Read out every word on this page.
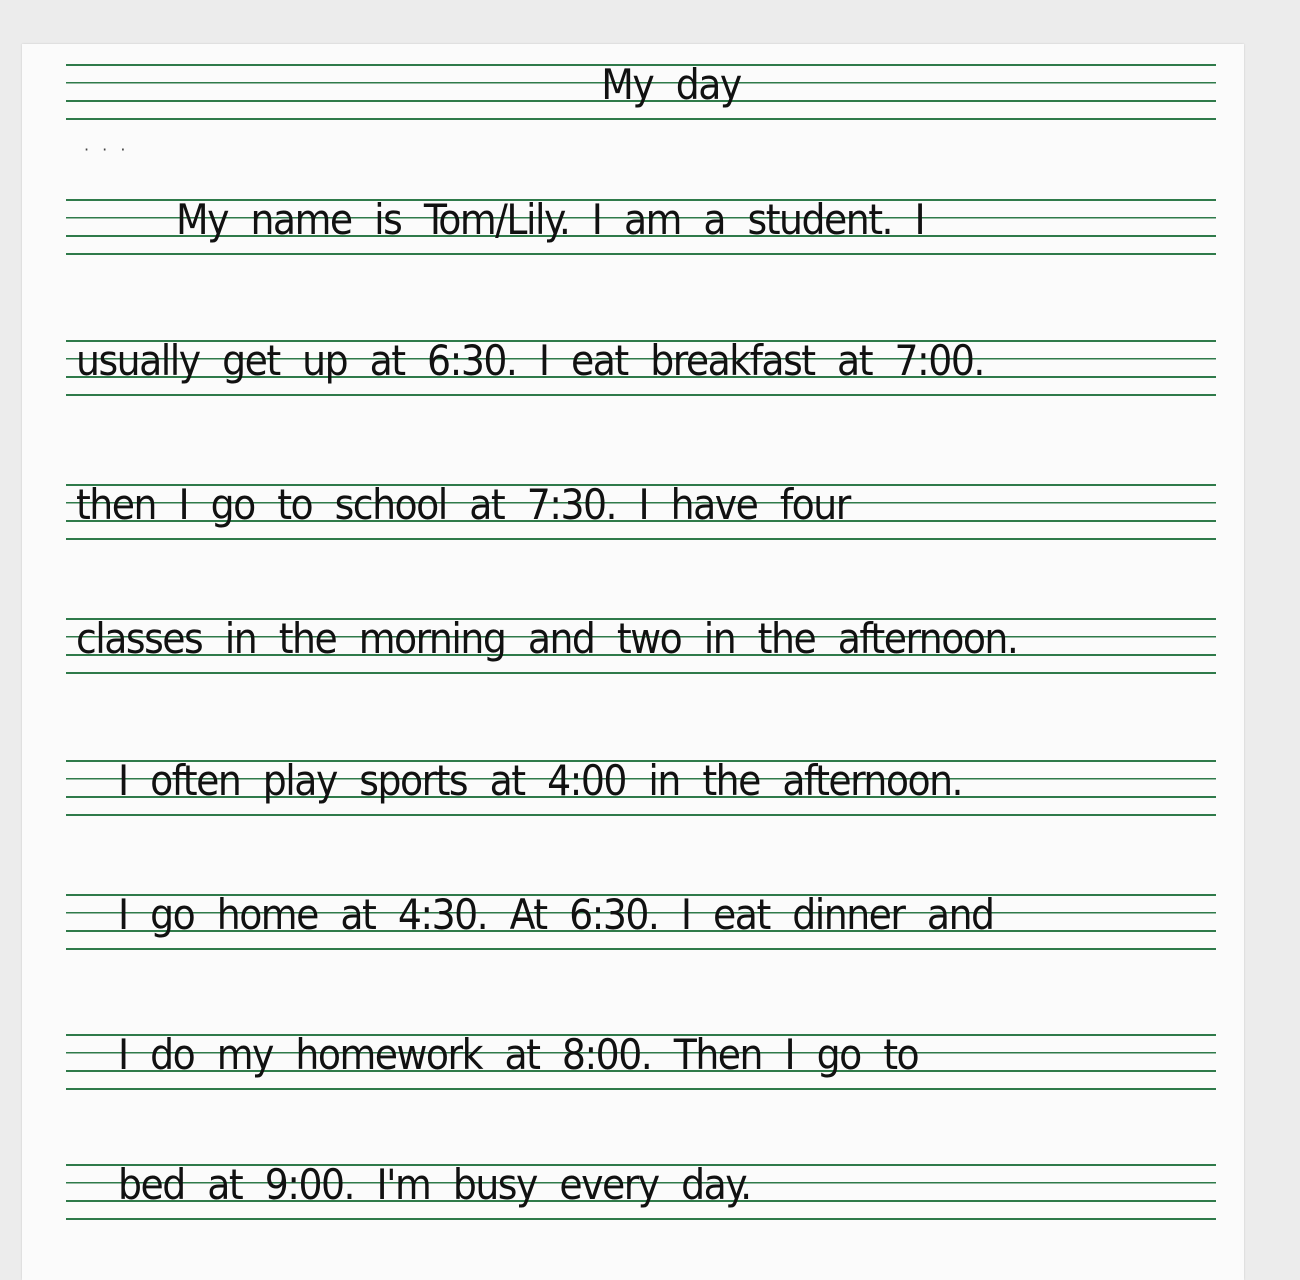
My day
· · ·
My name is Tom/Lily. I am a student. I
usually get up at 6:30. I eat breakfast at 7:00.
then I go to school at 7:30. I have four
classes in the morning and two in the afternoon.
I often play sports at 4:00 in the afternoon.
I go home at 4:30. At 6:30. I eat dinner and
I do my homework at 8:00. Then I go to
bed at 9:00. I'm busy every day.
